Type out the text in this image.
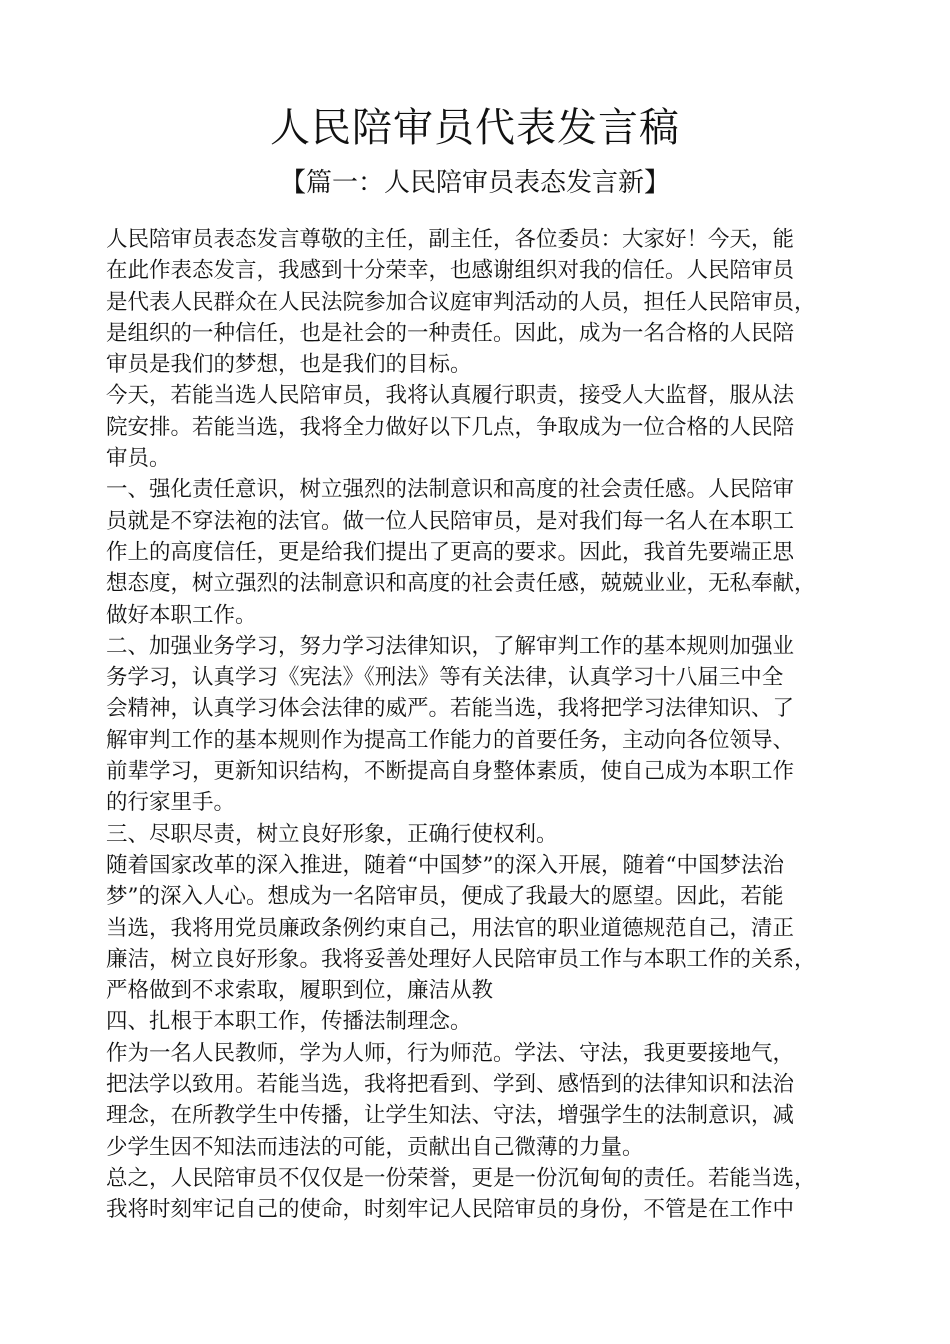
人民陪审员代表发言稿
【篇一：人民陪审员表态发言新】
人民陪审员表态发言尊敬的主任，副主任，各位委员：大家好！今天，能
在此作表态发言，我感到十分荣幸，也感谢组织对我的信任。人民陪审员
是代表人民群众在人民法院参加合议庭审判活动的人员，担任人民陪审员，
是组织的一种信任，也是社会的一种责任。因此，成为一名合格的人民陪
审员是我们的梦想，也是我们的目标。
今天，若能当选人民陪审员，我将认真履行职责，接受人大监督，服从法
院安排。若能当选，我将全力做好以下几点，争取成为一位合格的人民陪
审员。
一、强化责任意识，树立强烈的法制意识和高度的社会责任感。人民陪审
员就是不穿法袍的法官。做一位人民陪审员，是对我们每一名人在本职工
作上的高度信任，更是给我们提出了更高的要求。因此，我首先要端正思
想态度，树立强烈的法制意识和高度的社会责任感，兢兢业业，无私奉献，
做好本职工作。
二、加强业务学习，努力学习法律知识，了解审判工作的基本规则加强业
务学习，认真学习《宪法》《刑法》等有关法律，认真学习十八届三中全
会精神，认真学习体会法律的威严。若能当选，我将把学习法律知识、了
解审判工作的基本规则作为提高工作能力的首要任务，主动向各位领导、
前辈学习，更新知识结构，不断提高自身整体素质，使自己成为本职工作
的行家里手。
三、尽职尽责，树立良好形象，正确行使权利。
随着国家改革的深入推进，随着“中国梦”的深入开展，随着“中国梦法治
梦”的深入人心。想成为一名陪审员，便成了我最大的愿望。因此，若能
当选，我将用党员廉政条例约束自己，用法官的职业道德规范自己，清正
廉洁，树立良好形象。我将妥善处理好人民陪审员工作与本职工作的关系，
严格做到不求索取，履职到位，廉洁从教
四、扎根于本职工作，传播法制理念。
作为一名人民教师，学为人师，行为师范。学法、守法，我更要接地气，
把法学以致用。若能当选，我将把看到、学到、感悟到的法律知识和法治
理念，在所教学生中传播，让学生知法、守法，增强学生的法制意识，减
少学生因不知法而违法的可能，贡献出自己微薄的力量。
总之，人民陪审员不仅仅是一份荣誉，更是一份沉甸甸的责任。若能当选，
我将时刻牢记自己的使命，时刻牢记人民陪审员的身份，不管是在工作中
